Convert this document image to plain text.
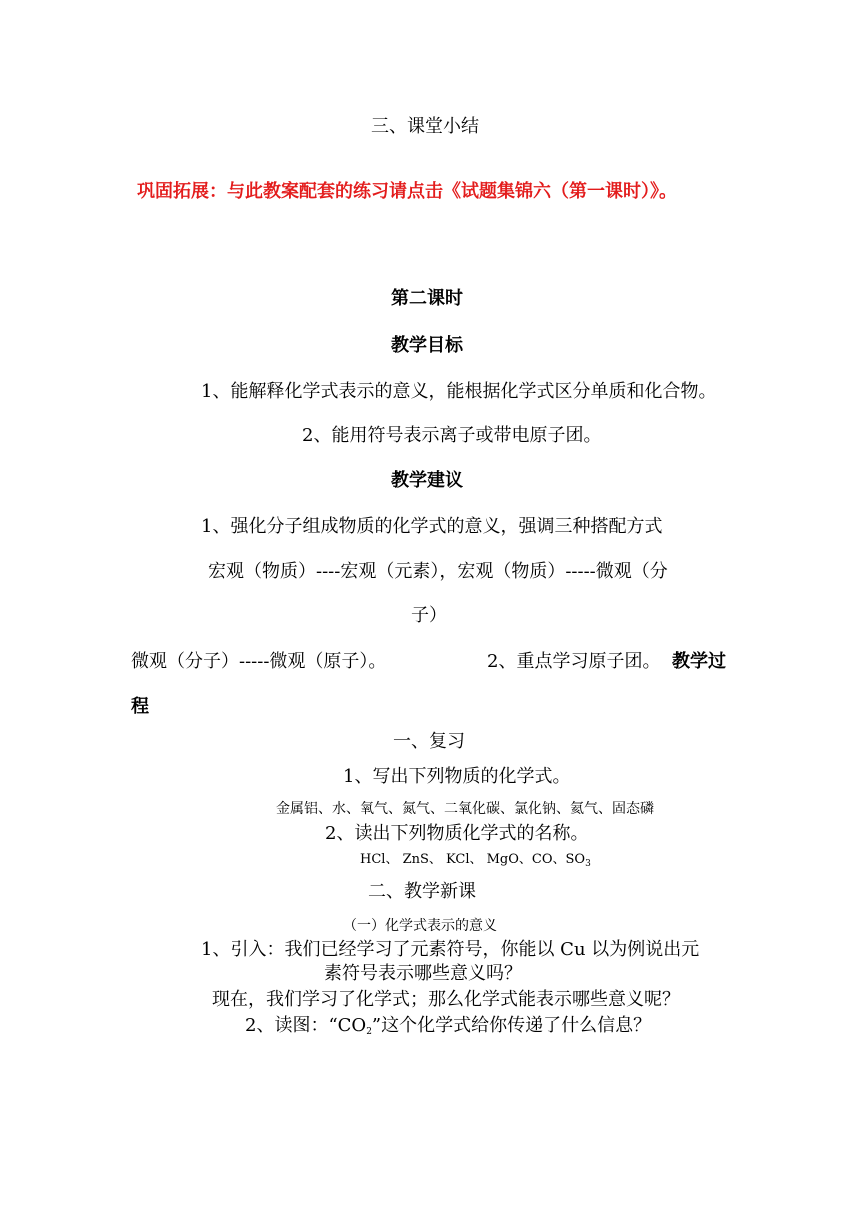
三、课堂小结
巩固拓展：与此教案配套的练习请点击《试题集锦六（第一课时）》。
第二课时
教学目标
1、能解释化学式表示的意义，能根据化学式区分单质和化合物。
2、能用符号表示离子或带电原子团。
教学建议
1、强化分子组成物质的化学式的意义，强调三种搭配方式
宏观（物质）----宏观（元素），宏观（物质）-----微观（分
子）
微观（分子）-----微观（原子）。	2、重点学习原子团。 教学过
程
一、复习
1、写出下列物质的化学式。
金属铝、水、氧气、氮气、二氧化碳、氯化钠、氦气、固态磷
2、读出下列物质化学式的名称。
HCl、 ZnS、 KCl、 MgO、CO、$SO_3$
二、教学新课
（一）化学式表示的意义
1、引入：我们已经学习了元素符号，你能以 Cu 以为例说出元
素符号表示哪些意义吗？
现在，我们学习了化学式；那么化学式能表示哪些意义呢？
2、读图：“$CO_2$”这个化学式给你传递了什么信息？
